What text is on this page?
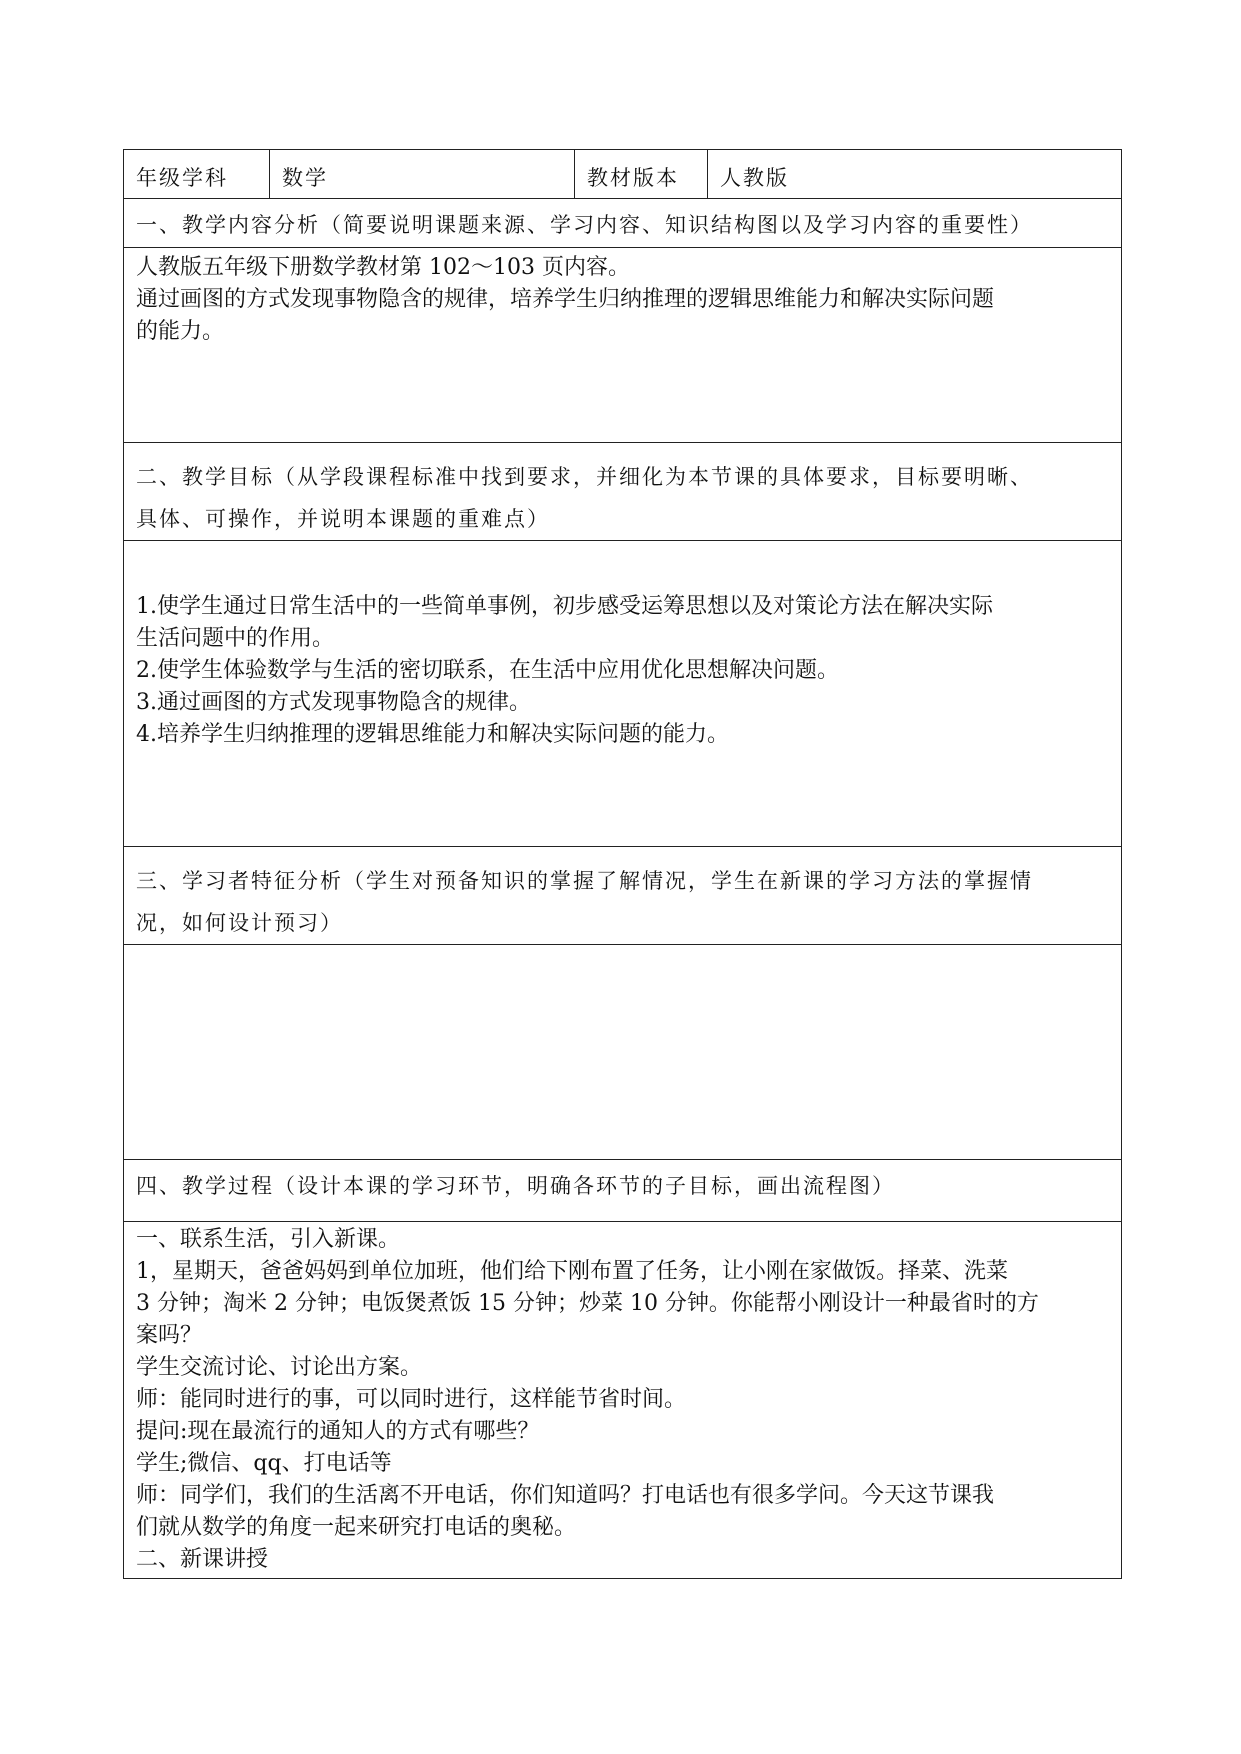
年级学科	数学	教材版本	人教版
一、教学内容分析（简要说明课题来源、学习内容、知识结构图以及学习内容的重要性）

人教版五年级下册数学教材第 102～103 页内容。

通过画图的方式发现事物隐含的规律，培养学生归纳推理的逻辑思维能力和解决实际问题

的能力。

二、教学目标（从学段课程标准中找到要求，并细化为本节课的具体要求，目标要明晰、

具体、可操作，并说明本课题的重难点）

1.使学生通过日常生活中的一些简单事例，初步感受运筹思想以及对策论方法在解决实际

生活问题中的作用。

2.使学生体验数学与生活的密切联系，在生活中应用优化思想解决问题。

3.通过画图的方式发现事物隐含的规律。

4.培养学生归纳推理的逻辑思维能力和解决实际问题的能力。

三、学习者特征分析（学生对预备知识的掌握了解情况，学生在新课的学习方法的掌握情

况，如何设计预习）

四、教学过程（设计本课的学习环节，明确各环节的子目标，画出流程图）

一、联系生活，引入新课。

1，星期天，爸爸妈妈到单位加班，他们给下刚布置了任务，让小刚在家做饭。择菜、洗菜

3 分钟；淘米 2 分钟；电饭煲煮饭 15 分钟；炒菜 10 分钟。你能帮小刚设计一种最省时的方

案吗？

学生交流讨论、讨论出方案。

师：能同时进行的事，可以同时进行，这样能节省时间。

提问:现在最流行的通知人的方式有哪些？

学生;微信、qq、打电话等

师：同学们，我们的生活离不开电话，你们知道吗？打电话也有很多学问。今天这节课我

们就从数学的角度一起来研究打电话的奥秘。

二、新课讲授
